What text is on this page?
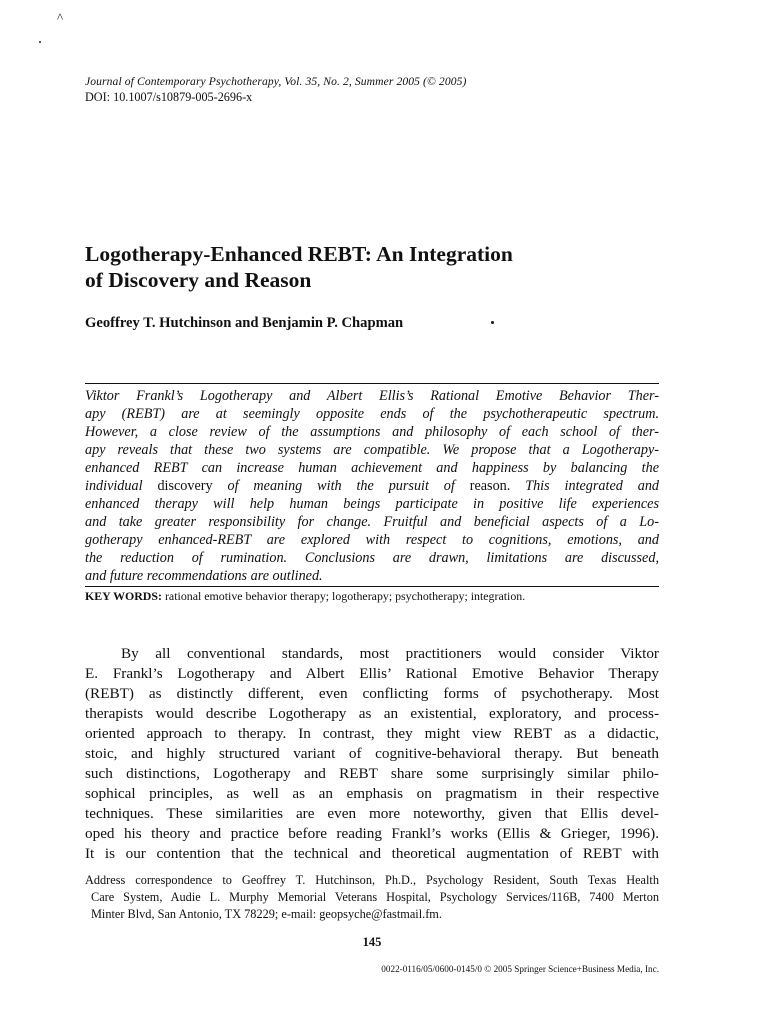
^
Journal of Contemporary Psychotherapy, Vol. 35, No. 2, Summer 2005 (© 2005)
DOI: 10.1007/s10879-005-2696-x
Logotherapy-Enhanced REBT: An Integration
of Discovery and Reason
Geoffrey T. Hutchinson and Benjamin P. Chapman
Viktor Frankl’s Logotherapy and Albert Ellis’s Rational Emotive Behavior Ther-
apy (REBT) are at seemingly opposite ends of the psychotherapeutic spectrum.
However, a close review of the assumptions and philosophy of each school of ther-
apy reveals that these two systems are compatible. We propose that a Logotherapy-
enhanced REBT can increase human achievement and happiness by balancing the
individual discovery of meaning with the pursuit of reason. This integrated and
enhanced therapy will help human beings participate in positive life experiences
and take greater responsibility for change. Fruitful and beneficial aspects of a Lo-
gotherapy enhanced-REBT are explored with respect to cognitions, emotions, and
the reduction of rumination. Conclusions are drawn, limitations are discussed,
and future recommendations are outlined.
KEY WORDS: rational emotive behavior therapy; logotherapy; psychotherapy; integration.
By all conventional standards, most practitioners would consider Viktor
E. Frankl’s Logotherapy and Albert Ellis’ Rational Emotive Behavior Therapy
(REBT) as distinctly different, even conflicting forms of psychotherapy. Most
therapists would describe Logotherapy as an existential, exploratory, and process-
oriented approach to therapy. In contrast, they might view REBT as a didactic,
stoic, and highly structured variant of cognitive-behavioral therapy. But beneath
such distinctions, Logotherapy and REBT share some surprisingly similar philo-
sophical principles, as well as an emphasis on pragmatism in their respective
techniques. These similarities are even more noteworthy, given that Ellis devel-
oped his theory and practice before reading Frankl’s works (Ellis & Grieger, 1996).
It is our contention that the technical and theoretical augmentation of REBT with
Address correspondence to Geoffrey T. Hutchinson, Ph.D., Psychology Resident, South Texas Health
Care System, Audie L. Murphy Memorial Veterans Hospital, Psychology Services/116B, 7400 Merton
Minter Blvd, San Antonio, TX 78229; e-mail: geopsyche@fastmail.fm.
145
0022-0116/05/0600-0145/0 © 2005 Springer Science+Business Media, Inc.
